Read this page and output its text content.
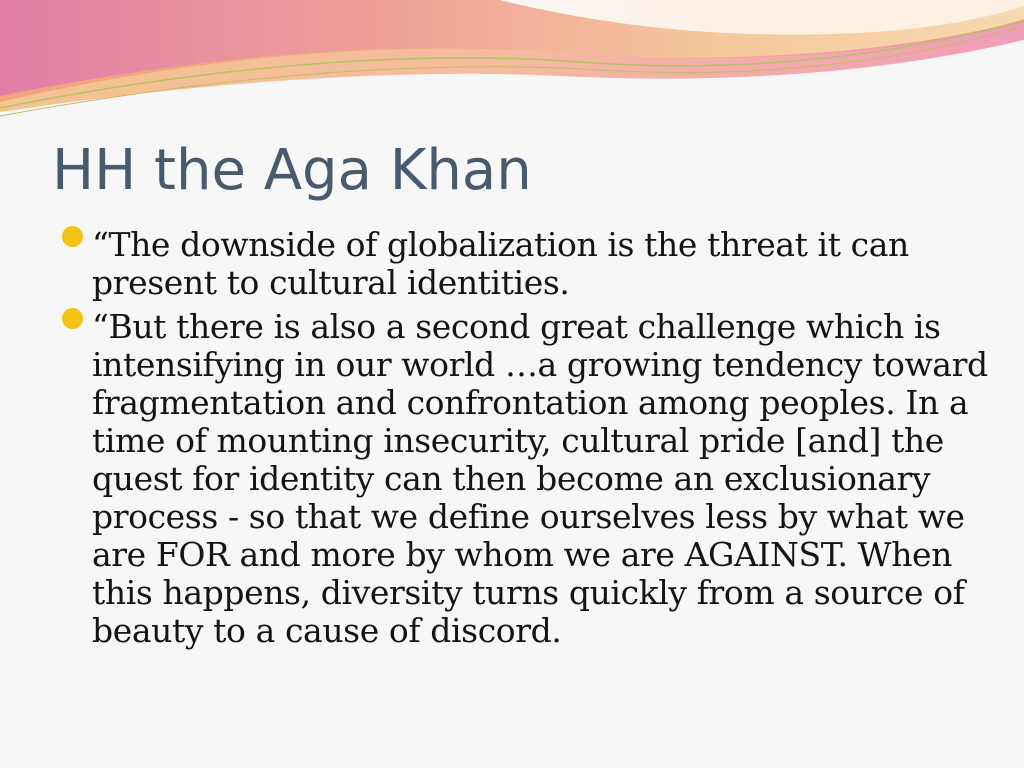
HH the Aga Khan
“The downside of globalization is the threat it can present to cultural identities.
“But there is also a second great challenge which is intensifying in our world …a growing tendency toward fragmentation and confrontation among peoples. In a time of mounting insecurity, cultural pride [and] the quest for identity can then become an exclusionary process - so that we define ourselves less by what we are FOR and more by whom we are AGAINST. When this happens, diversity turns quickly from a source of beauty to a cause of discord.
